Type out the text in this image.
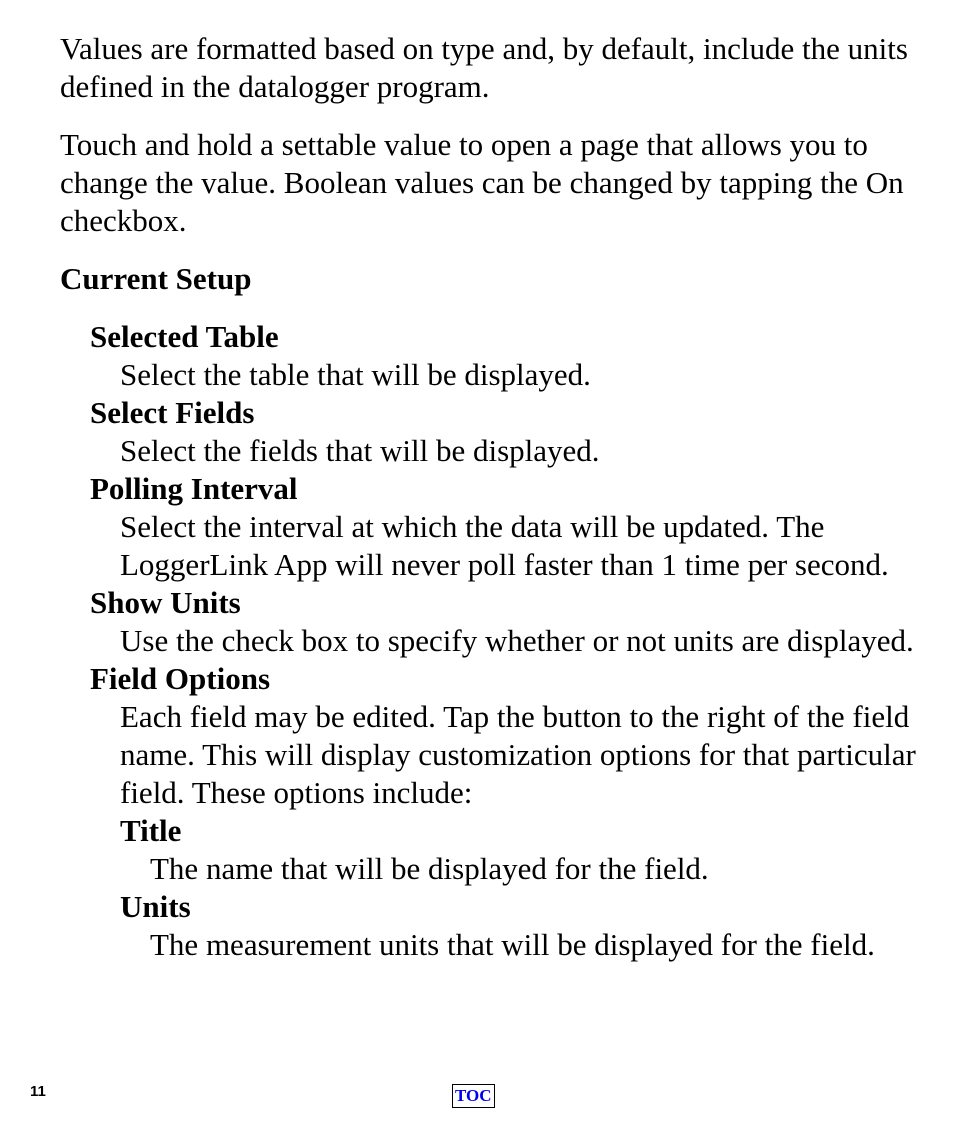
Values are formatted based on type and, by default, include the units defined in the datalogger program.

Touch and hold a settable value to open a page that allows you to change the value. Boolean values can be changed by tapping the On checkbox.

Current Setup

Selected Table

Select the table that will be displayed.

Select Fields

Select the fields that will be displayed.

Polling Interval

Select the interval at which the data will be updated. The LoggerLink App will never poll faster than 1 time per second.

Show Units

Use the check box to specify whether or not units are displayed.

Field Options

Each field may be edited. Tap the button to the right of the field name. This will display customization options for that particular field. These options include:

Title

The name that will be displayed for the field.

Units

The measurement units that will be displayed for the field.

11	TOC
